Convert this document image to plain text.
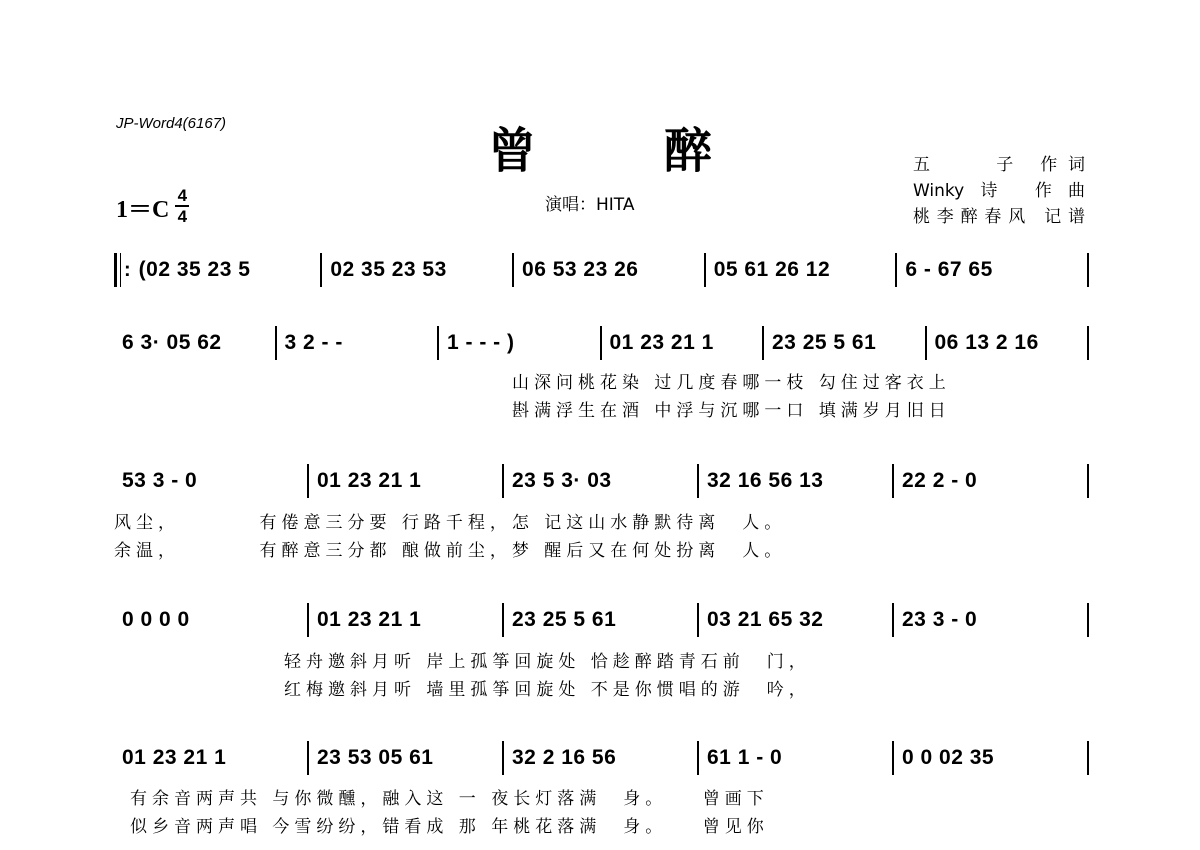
JP-Word4(6167)	曾	醉
1＝C
4
4
演唱：HITA
五　　子 作词
Winky诗 作曲
桃李醉春风 记谱
: (02 35 23 5	02 35 23 53	06 53 23 26	05 61 26 12	6 - 67 65
6 3· 05 62	3 2 - -	1 - - - )	01 23 21 1	23 25 5 61	06 13 2 16
山深问桃花染 过几度春哪一枝 勾住过客衣上
斟满浮生在酒 中浮与沉哪一口 填满岁月旧日
53 3 - 0	01 23 21 1	23 5 3· 03	32 16 56 13	22 2 - 0
风尘，　　　　有倦意三分要 行路千程，怎 记这山水静默待离　人。
余温，　　　　有醉意三分都 酿做前尘，梦 醒后又在何处扮离　人。
0 0 0 0	01 23 21 1	23 25 5 61	03 21 65 32	23 3 - 0
轻舟邀斜月听 岸上孤筝回旋处 恰趁醉踏青石前　门，
红梅邀斜月听 墙里孤筝回旋处 不是你惯唱的游　吟，
01 23 21 1	23 53 05 61	32 2 16 56	61 1 - 0	0 0 02 35
有余音两声共 与你微醺，融入这 一 夜长灯落满　身。　　曾画下
似乡音两声唱 今雪纷纷，错看成 那 年桃花落满　身。　　曾见你
